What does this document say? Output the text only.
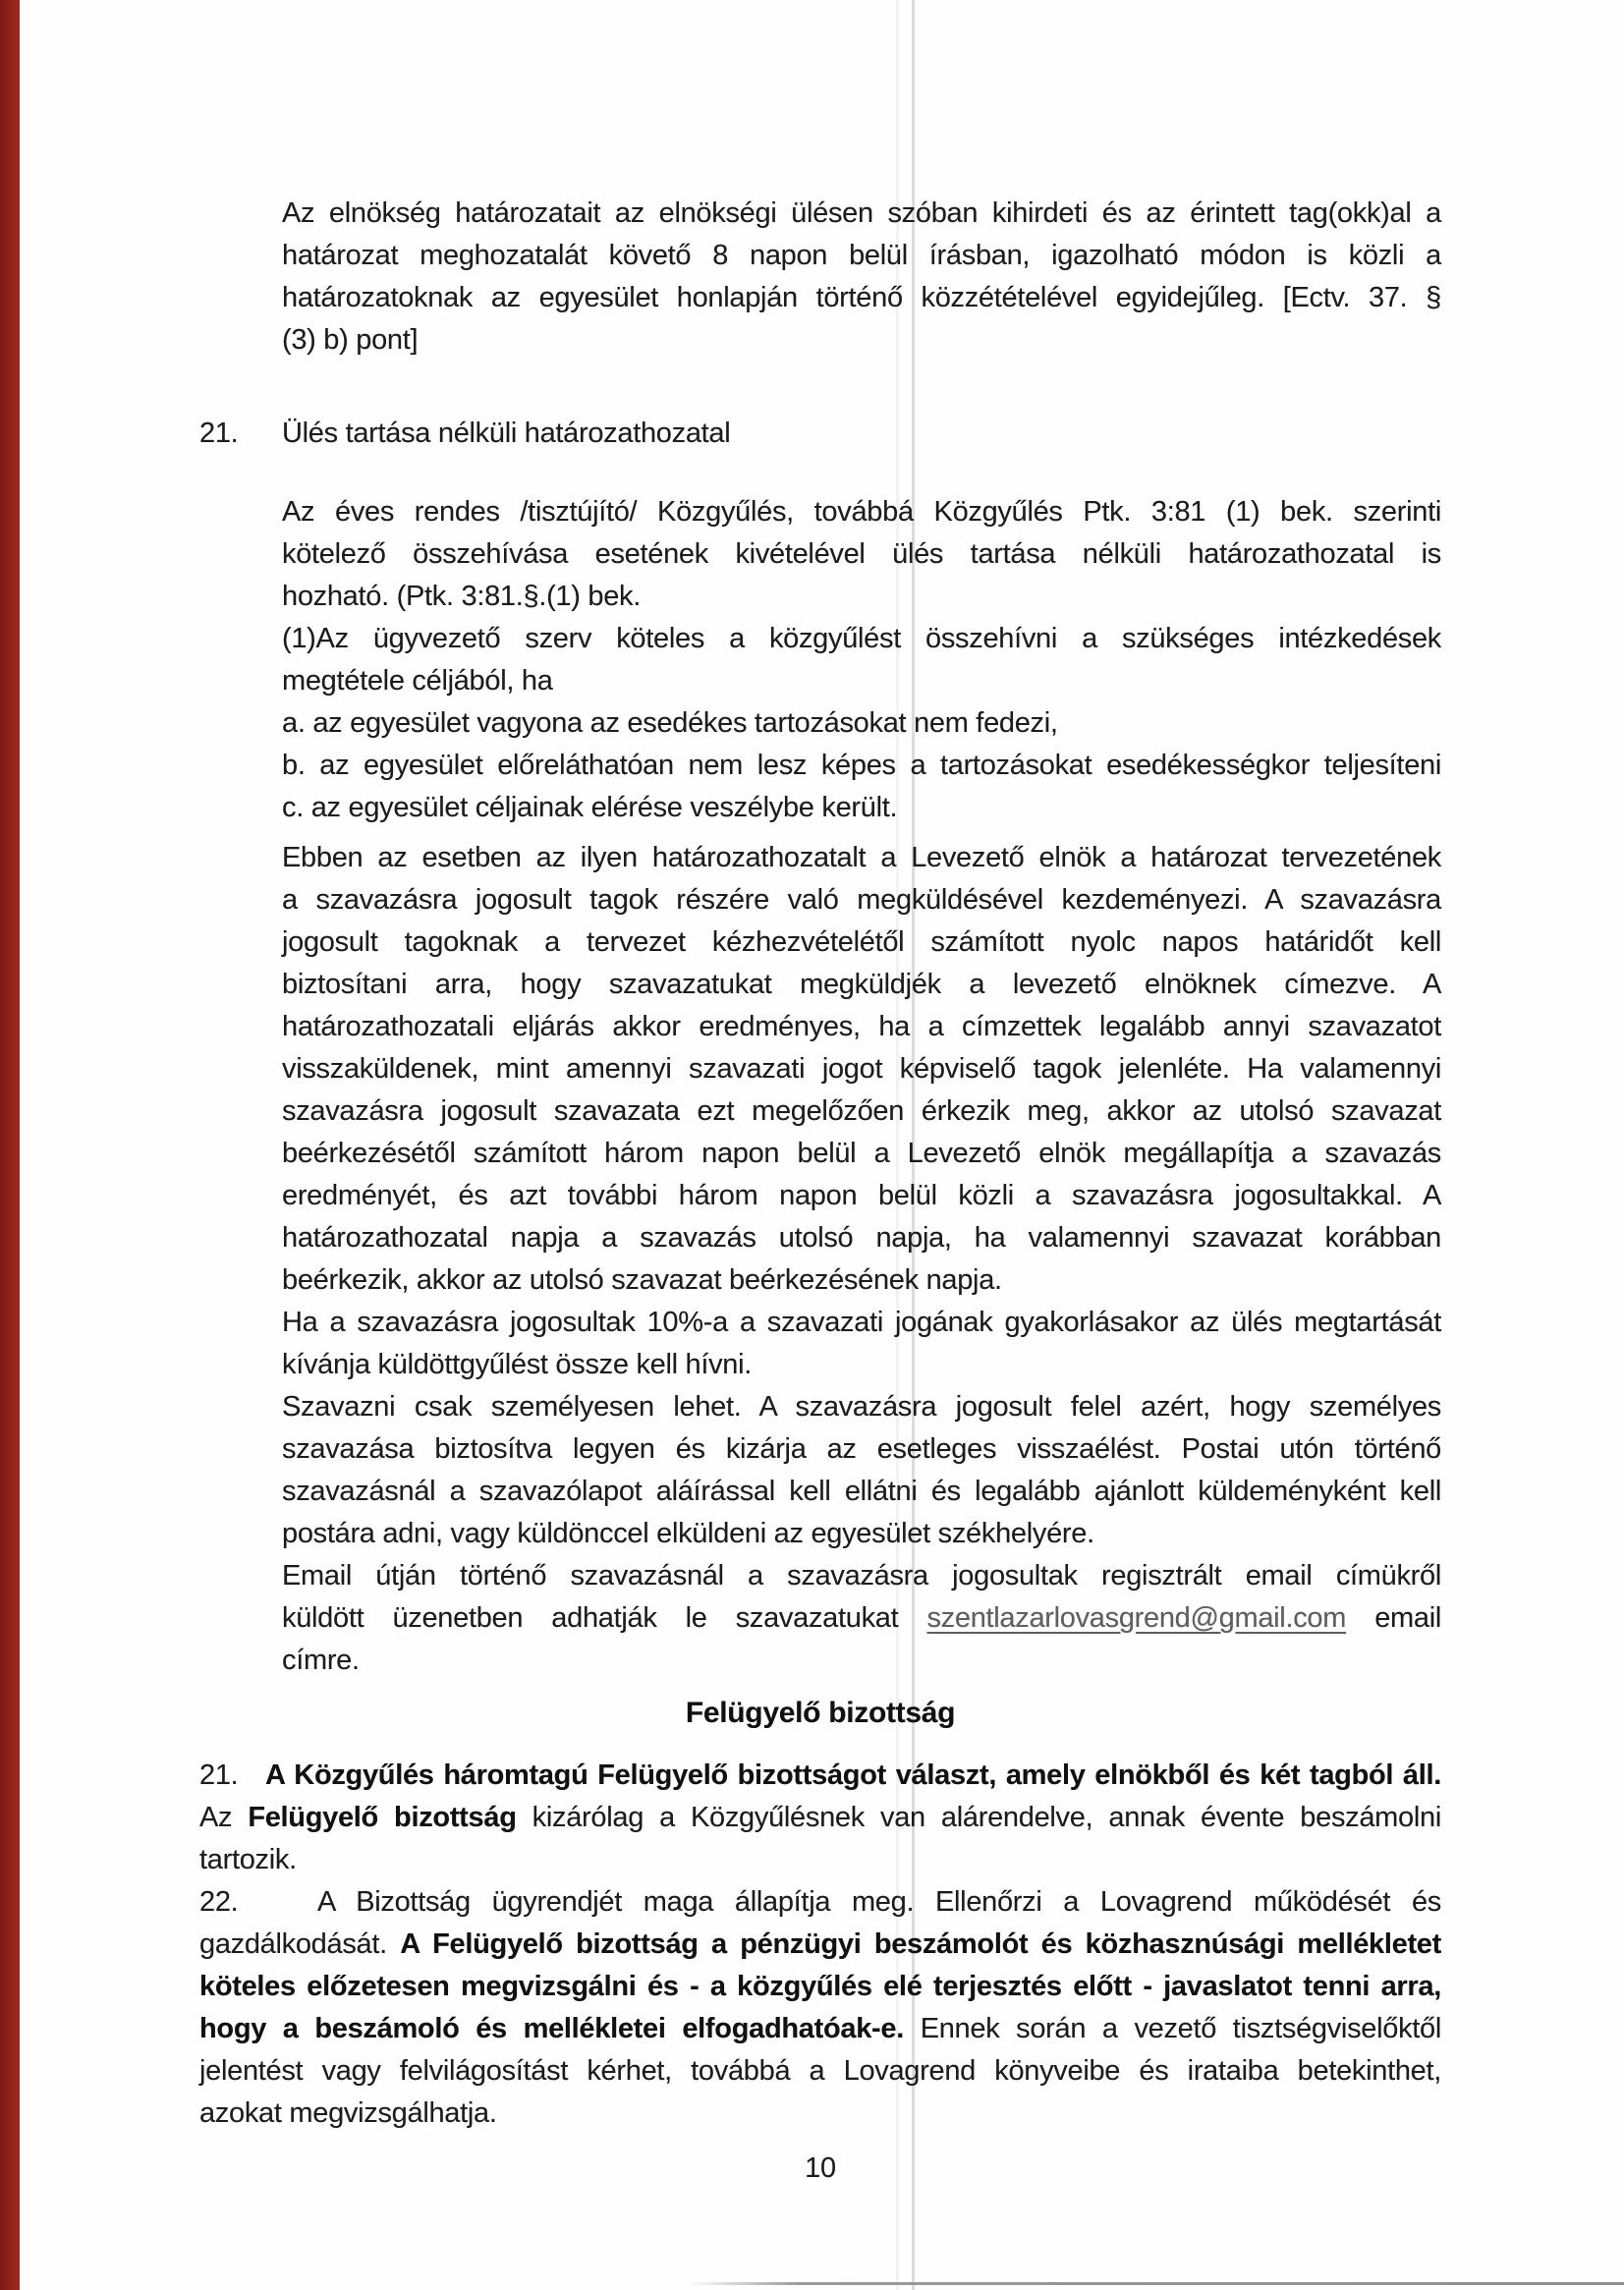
Az elnökség határozatait az elnökségi ülésen szóban kihirdeti és az érintett tag(okk)al a
határozat meghozatalát követő 8 napon belül írásban, igazolható módon is közli a
határozatoknak az egyesület honlapján történő közzétételével egyidejűleg. [Ectv. 37. §
(3) b) pont]
21. Ülés tartása nélküli határozathozatal
Az éves rendes /tisztújító/ Közgyűlés, továbbá Közgyűlés Ptk. 3:81 (1) bek. szerinti
kötelező összehívása esetének kivételével ülés tartása nélküli határozathozatal is
hozható. (Ptk. 3:81.§.(1) bek.
(1)Az ügyvezető szerv köteles a közgyűlést összehívni a szükséges intézkedések
megtétele céljából, ha
a. az egyesület vagyona az esedékes tartozásokat nem fedezi,
b. az egyesület előreláthatóan nem lesz képes a tartozásokat esedékességkor teljesíteni
c. az egyesület céljainak elérése veszélybe került.
Ebben az esetben az ilyen határozathozatalt a Levezető elnök a határozat tervezetének
a szavazásra jogosult tagok részére való megküldésével kezdeményezi. A szavazásra
jogosult tagoknak a tervezet kézhezvételétől számított nyolc napos határidőt kell
biztosítani arra, hogy szavazatukat megküldjék a levezető elnöknek címezve. A
határozathozatali eljárás akkor eredményes, ha a címzettek legalább annyi szavazatot
visszaküldenek, mint amennyi szavazati jogot képviselő tagok jelenléte. Ha valamennyi
szavazásra jogosult szavazata ezt megelőzően érkezik meg, akkor az utolsó szavazat
beérkezésétől számított három napon belül a Levezető elnök megállapítja a szavazás
eredményét, és azt további három napon belül közli a szavazásra jogosultakkal. A
határozathozatal napja a szavazás utolsó napja, ha valamennyi szavazat korábban
beérkezik, akkor az utolsó szavazat beérkezésének napja.
Ha a szavazásra jogosultak 10%-a a szavazati jogának gyakorlásakor az ülés megtartását
kívánja küldöttgyűlést össze kell hívni.
Szavazni csak személyesen lehet. A szavazásra jogosult felel azért, hogy személyes
szavazása biztosítva legyen és kizárja az esetleges visszaélést. Postai utón történő
szavazásnál a szavazólapot aláírással kell ellátni és legalább ajánlott küldeményként kell
postára adni, vagy küldönccel elküldeni az egyesület székhelyére.
Email útján történő szavazásnál a szavazásra jogosultak regisztrált email címükről
küldött üzenetben adhatják le szavazatukat szentlazarlovasgrend@gmail.com email
címre.
Felügyelő bizottság
21. A Közgyűlés háromtagú Felügyelő bizottságot választ, amely elnökből és két tagból áll.
Az Felügyelő bizottság kizárólag a Közgyűlésnek van alárendelve, annak évente beszámolni
tartozik.
22.	A Bizottság ügyrendjét maga állapítja meg. Ellenőrzi a Lovagrend működését és
gazdálkodását. A Felügyelő bizottság a pénzügyi beszámolót és közhasznúsági mellékletet
köteles előzetesen megvizsgálni és - a közgyűlés elé terjesztés előtt - javaslatot tenni arra,
hogy a beszámoló és mellékletei elfogadhatóak-e. Ennek során a vezető tisztségviselőktől
jelentést vagy felvilágosítást kérhet, továbbá a Lovagrend könyveibe és irataiba betekinthet,
azokat megvizsgálhatja.
10
